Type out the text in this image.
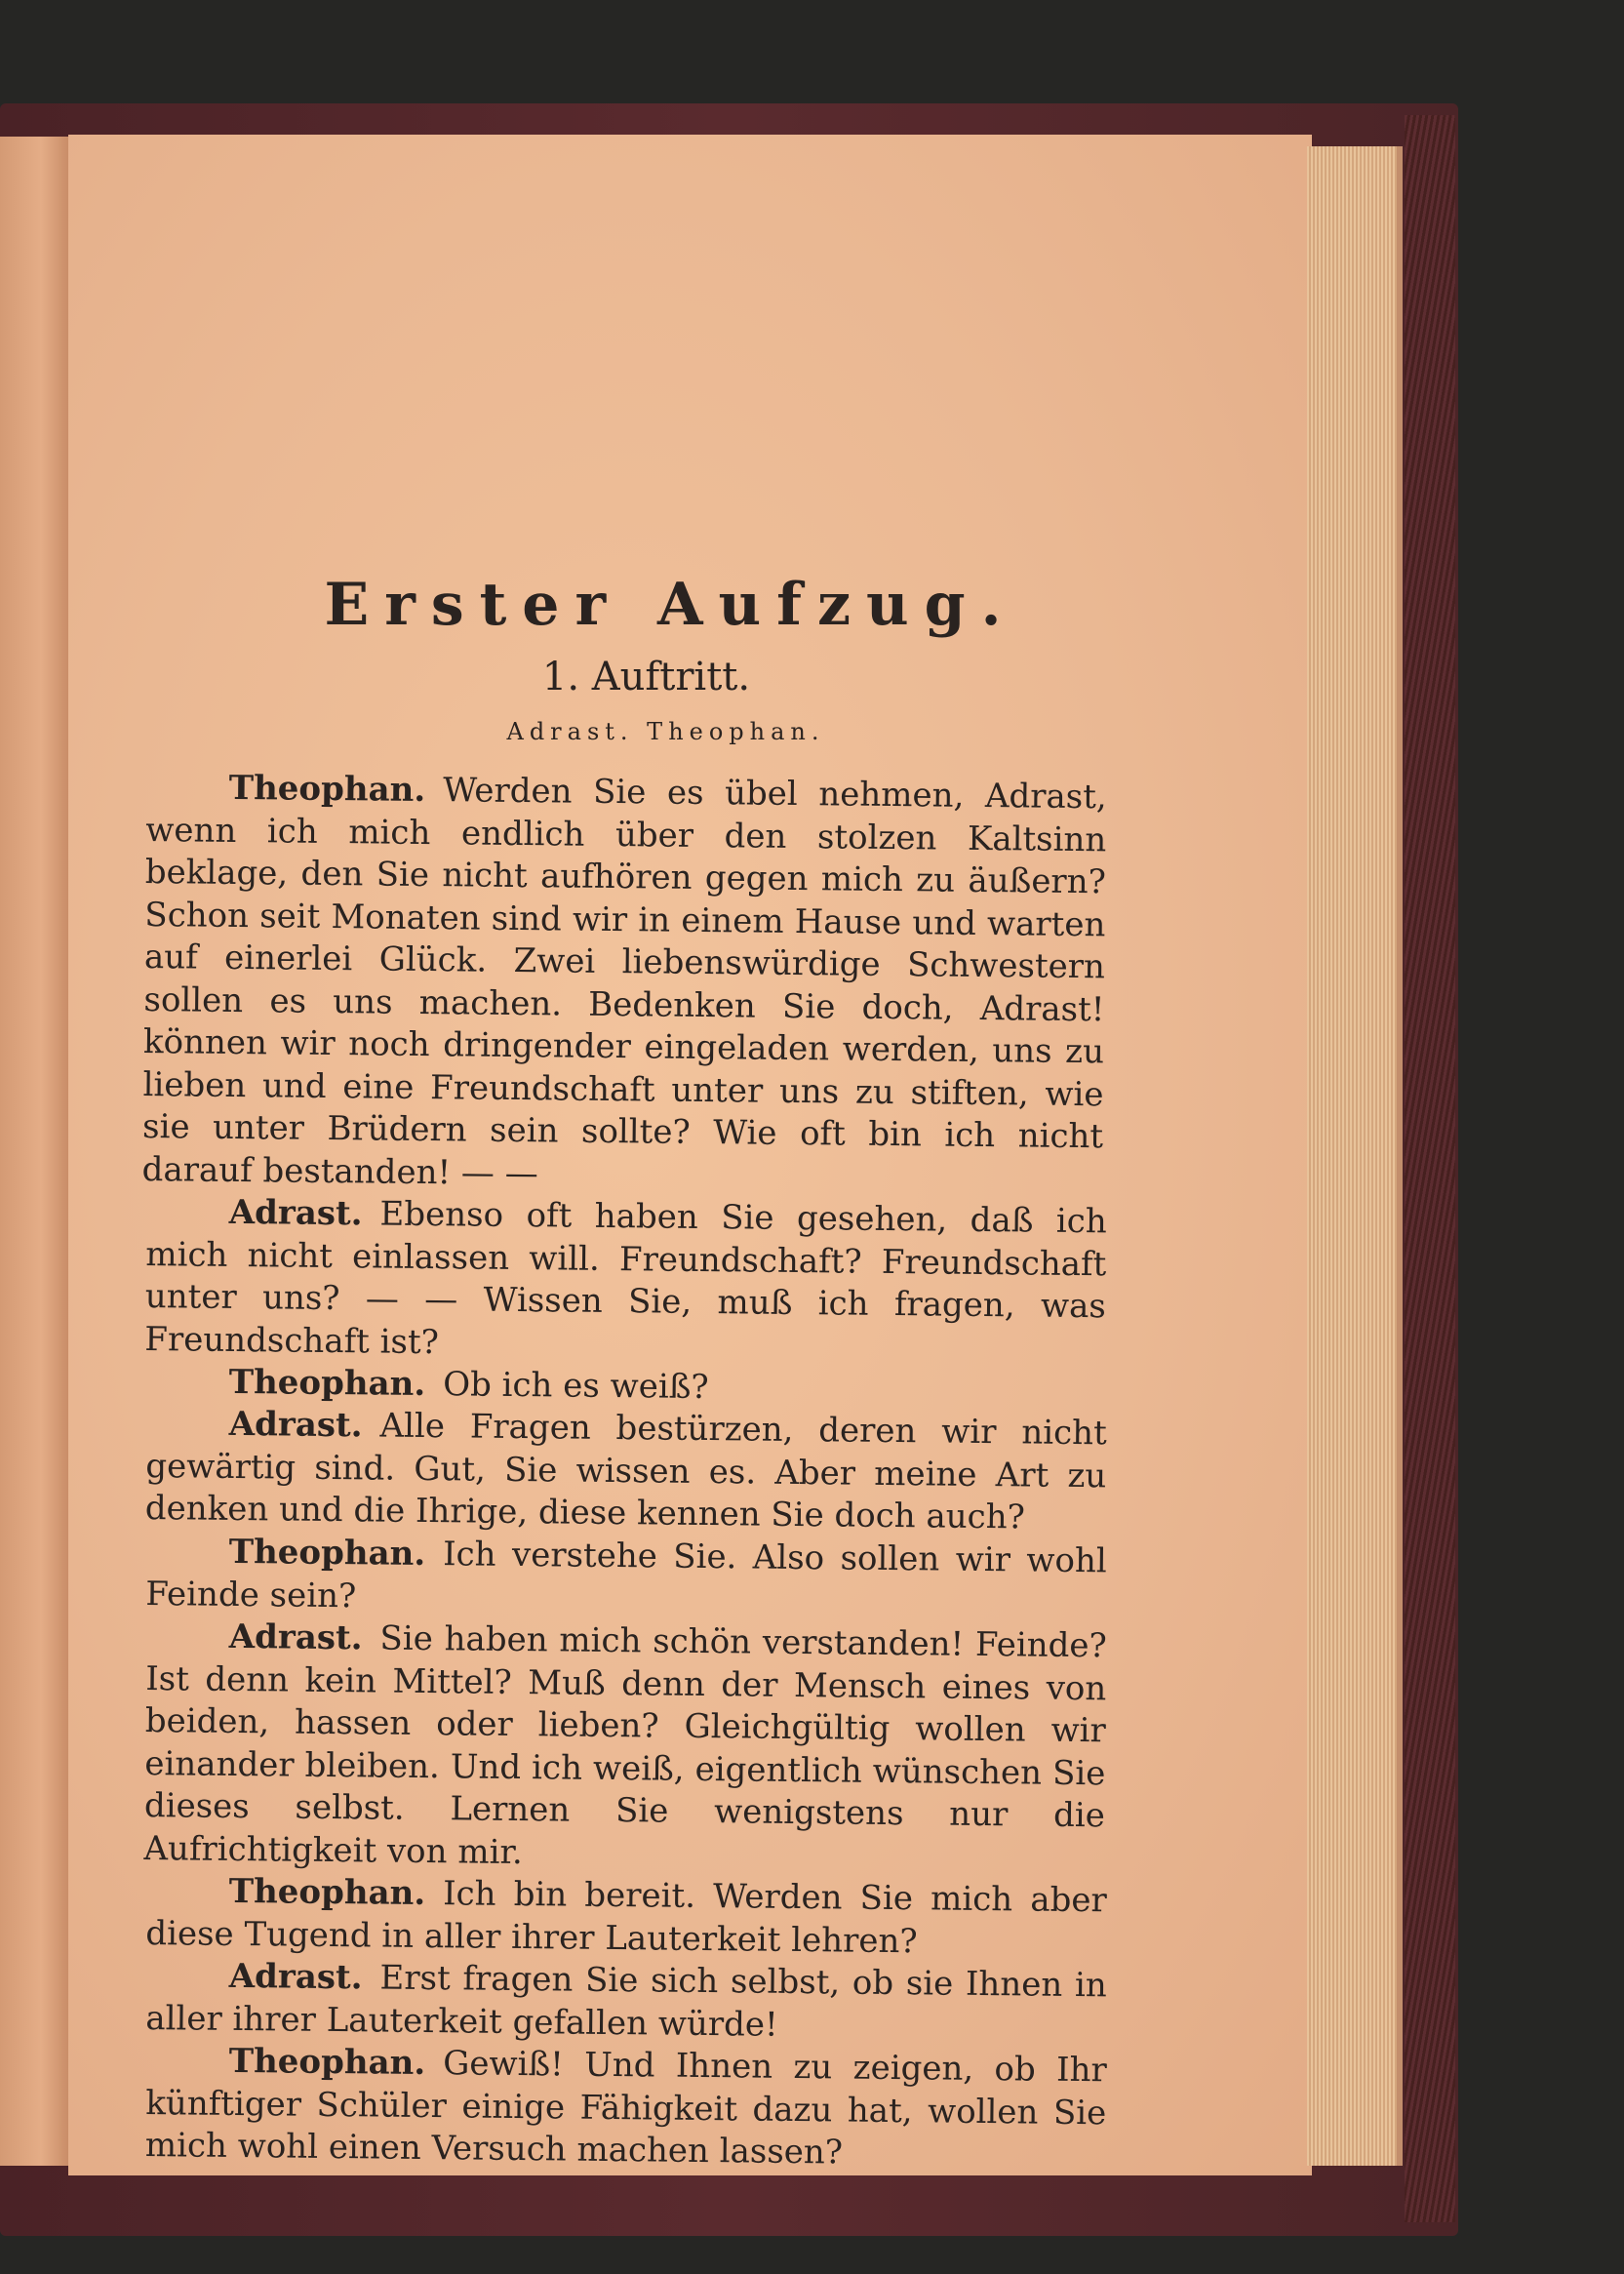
Erster Aufzug.
1. Auftritt.
Adrast. Theophan.

Theophan. Werden Sie es übel nehmen, Adrast, wenn ich mich endlich über den stolzen Kaltsinn beklage, den Sie nicht aufhören gegen mich zu äußern? Schon seit Monaten sind wir in einem Hause und warten auf einerlei Glück. Zwei liebenswürdige Schwestern sollen es uns machen. Bedenken Sie doch, Adrast! können wir noch dringender eingeladen werden, uns zu lieben und eine Freundschaft unter uns zu stiften, wie sie unter Brüdern sein sollte? Wie oft bin ich nicht darauf bestanden! — —

Adrast. Ebenso oft haben Sie gesehen, daß ich mich nicht einlassen will. Freundschaft? Freundschaft unter uns? — — Wissen Sie, muß ich fragen, was Freundschaft ist?

Theophan. Ob ich es weiß?

Adrast. Alle Fragen bestürzen, deren wir nicht gewärtig sind. Gut, Sie wissen es. Aber meine Art zu denken und die Ihrige, diese kennen Sie doch auch?

Theophan. Ich verstehe Sie. Also sollen wir wohl Feinde sein?

Adrast. Sie haben mich schön verstanden! Feinde? Ist denn kein Mittel? Muß denn der Mensch eines von beiden, hassen oder lieben? Gleichgültig wollen wir einander bleiben. Und ich weiß, eigentlich wünschen Sie dieses selbst. Lernen Sie wenigstens nur die Aufrichtigkeit von mir.

Theophan. Ich bin bereit. Werden Sie mich aber diese Tugend in aller ihrer Lauterkeit lehren?

Adrast. Erst fragen Sie sich selbst, ob sie Ihnen in aller ihrer Lauterkeit gefallen würde!

Theophan. Gewiß! Und Ihnen zu zeigen, ob Ihr künftiger Schüler einige Fähigkeit dazu hat, wollen Sie mich wohl einen Versuch machen lassen?
